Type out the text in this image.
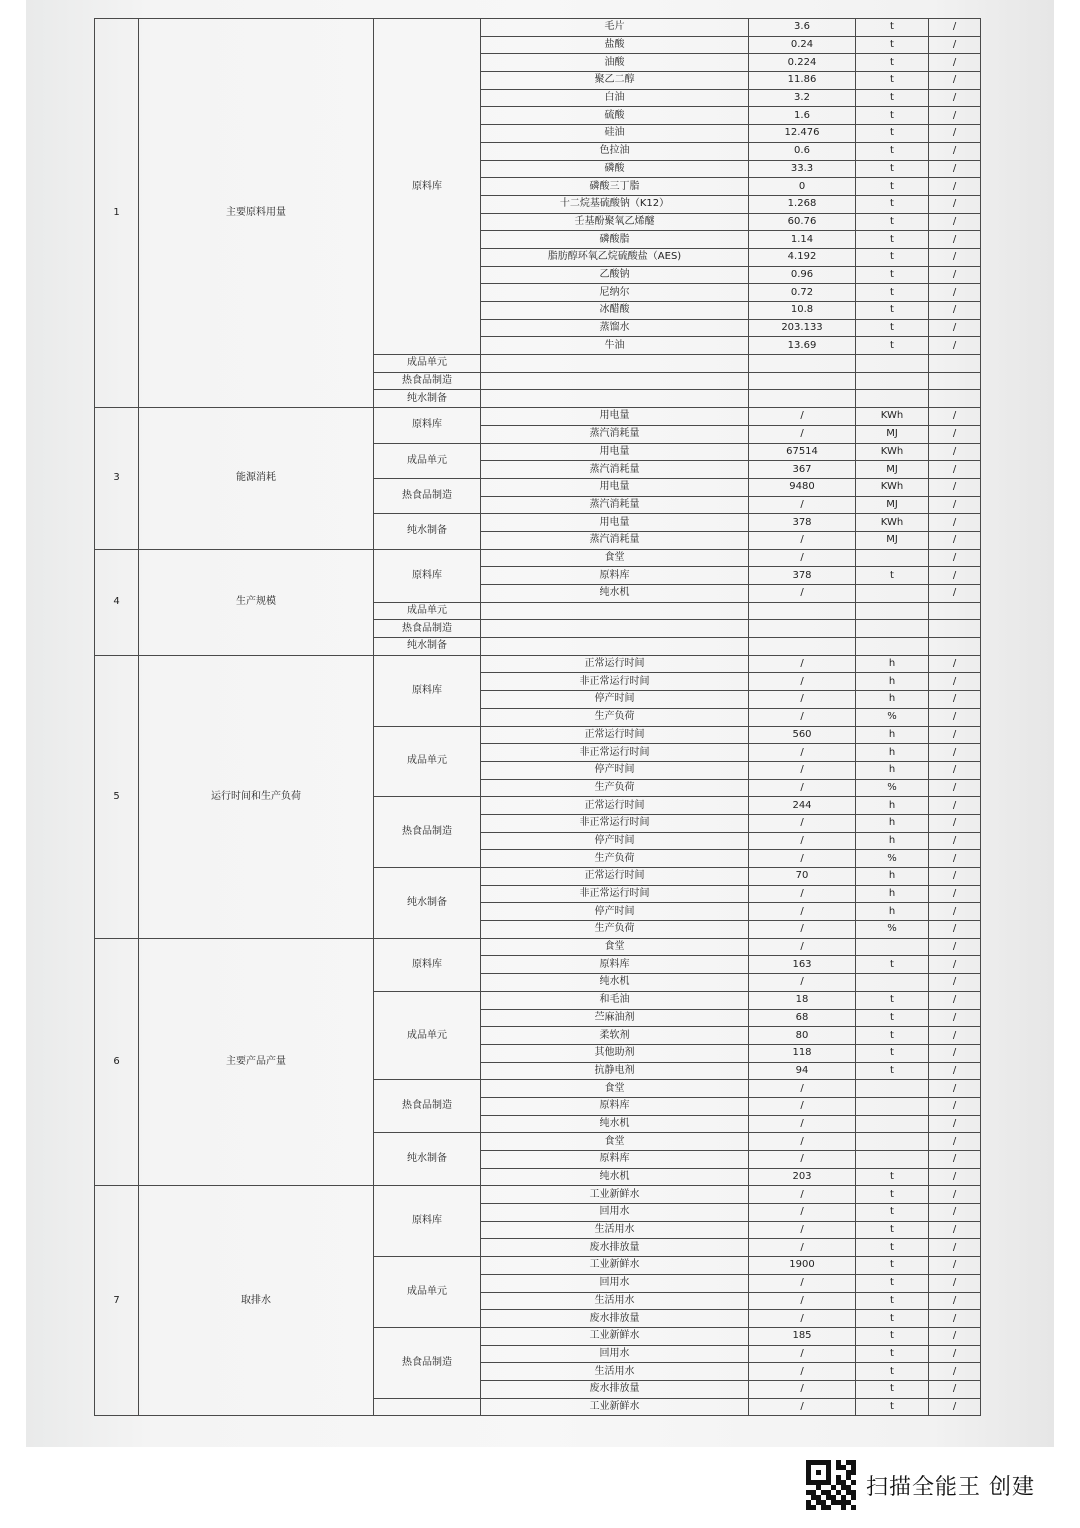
1	主要原料用量	原料库	毛片	3.6	t	/
			盐酸	0.24	t	/
			油酸	0.224	t	/
			聚乙二醇	11.86	t	/
			白油	3.2	t	/
			硫酸	1.6	t	/
			硅油	12.476	t	/
			色拉油	0.6	t	/
			磷酸	33.3	t	/
			磷酸三丁脂	0	t	/
			十二烷基硫酸钠（K12）	1.268	t	/
			壬基酚聚氧乙烯醚	60.76	t	/
			磷酸脂	1.14	t	/
			脂肪醇环氧乙烷硫酸盐（AES)	4.192	t	/
			乙酸钠	0.96	t	/
			尼纳尔	0.72	t	/
			冰醋酸	10.8	t	/
			蒸馏水	203.133	t	/
			牛油	13.69	t	/
		成品单元				
		热食品制造				
		纯水制备				
3	能源消耗	原料库	用电量	/	KWh	/
			蒸汽消耗量	/	MJ	/
		成品单元	用电量	67514	KWh	/
			蒸汽消耗量	367	MJ	/
		热食品制造	用电量	9480	KWh	/
			蒸汽消耗量	/	MJ	/
		纯水制备	用电量	378	KWh	/
			蒸汽消耗量	/	MJ	/
4	生产规模	原料库	食堂	/		/
			原料库	378	t	/
			纯水机	/		/
		成品单元				
		热食品制造				
		纯水制备				
5	运行时间和生产负荷	原料库	正常运行时间	/	h	/
			非正常运行时间	/	h	/
			停产时间	/	h	/
			生产负荷	/	%	/
		成品单元	正常运行时间	560	h	/
			非正常运行时间	/	h	/
			停产时间	/	h	/
			生产负荷	/	%	/
		热食品制造	正常运行时间	244	h	/
			非正常运行时间	/	h	/
			停产时间	/	h	/
			生产负荷	/	%	/
		纯水制备	正常运行时间	70	h	/
			非正常运行时间	/	h	/
			停产时间	/	h	/
			生产负荷	/	%	/
6	主要产品产量	原料库	食堂	/		/
			原料库	163	t	/
			纯水机	/		/
		成品单元	和毛油	18	t	/
			苎麻油剂	68	t	/
			柔软剂	80	t	/
			其他助剂	118	t	/
			抗静电剂	94	t	/
		热食品制造	食堂	/		/
			原料库	/		/
			纯水机	/		/
		纯水制备	食堂	/		/
			原料库	/		/
			纯水机	203	t	/
7	取排水	原料库	工业新鲜水	/	t	/
			回用水	/	t	/
			生活用水	/	t	/
			废水排放量	/	t	/
		成品单元	工业新鲜水	1900	t	/
			回用水	/	t	/
			生活用水	/	t	/
			废水排放量	/	t	/
		热食品制造	工业新鲜水	185	t	/
			回用水	/	t	/
			生活用水	/	t	/
			废水排放量	/	t	/
			工业新鲜水	/	t	/
扫描全能王 创建
